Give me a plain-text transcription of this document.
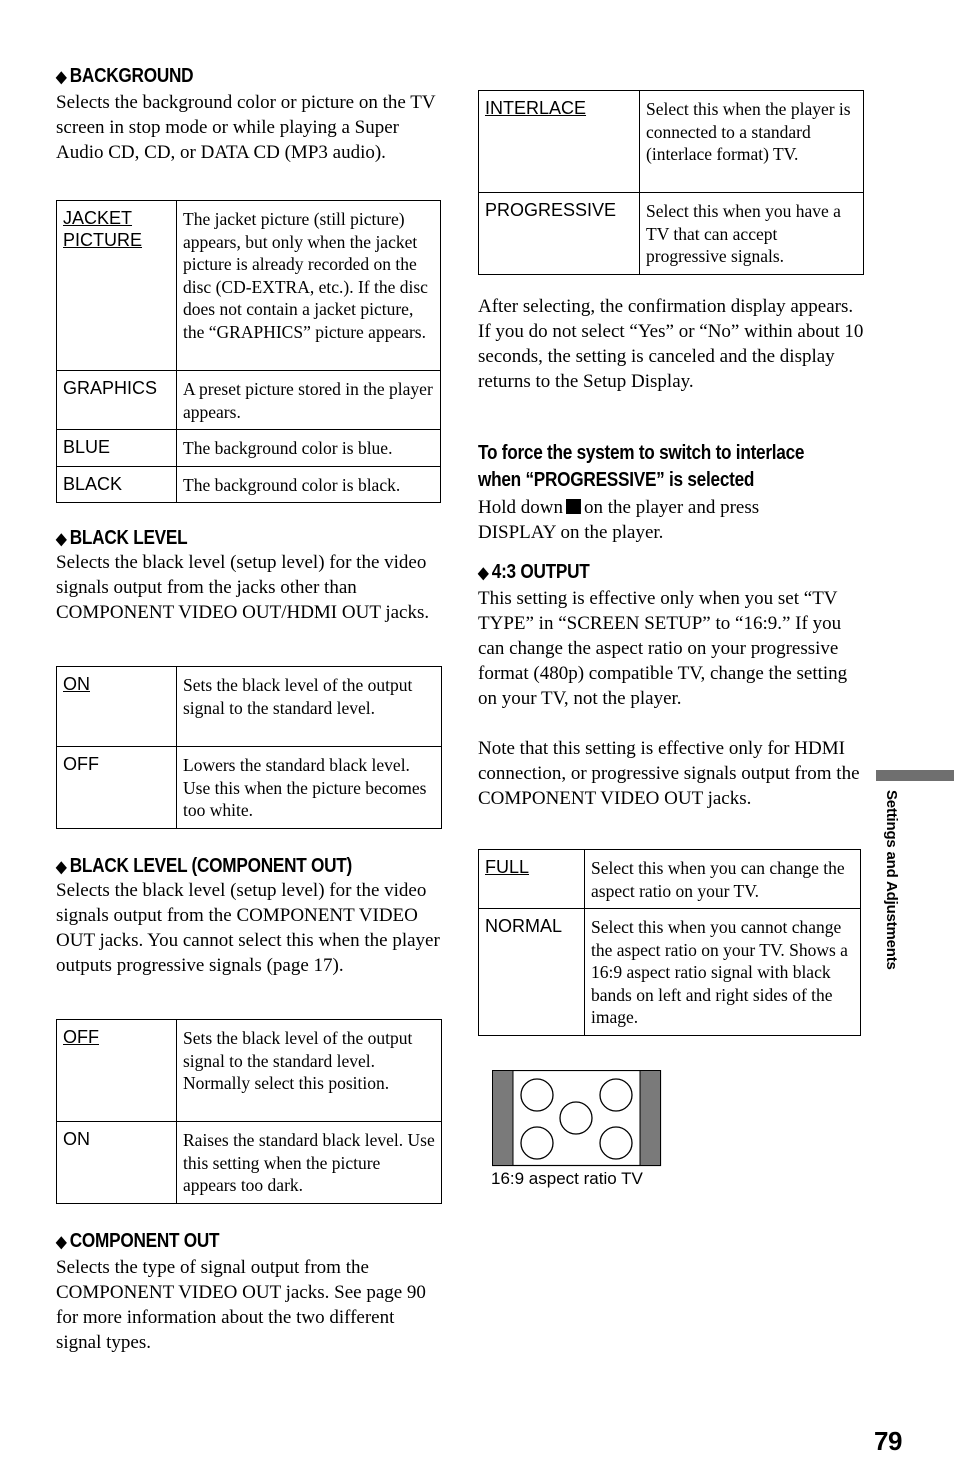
◆ BACKGROUND
Selects the background color or picture on the TV screen in stop mode or while playing a Super Audio CD, CD, or DATA CD (MP3 audio).
JACKET PICTURE	The jacket picture (still picture) appears, but only when the jacket picture is already recorded on the disc (CD-EXTRA, etc.). If the disc does not contain a jacket picture, the “GRAPHICS” picture appears.
GRAPHICS	A preset picture stored in the player appears.
BLUE	The background color is blue.
BLACK	The background color is black.
◆ BLACK LEVEL
Selects the black level (setup level) for the video signals output from the jacks other than COMPONENT VIDEO OUT/HDMI OUT jacks.
ON	Sets the black level of the output signal to the standard level.
OFF	Lowers the standard black level. Use this when the picture becomes too white.
◆ BLACK LEVEL (COMPONENT OUT)
Selects the black level (setup level) for the video signals output from the COMPONENT VIDEO OUT jacks. You cannot select this when the player outputs progressive signals (page 17).
OFF	Sets the black level of the output signal to the standard level. Normally select this position.
ON	Raises the standard black level. Use this setting when the picture appears too dark.
◆ COMPONENT OUT
Selects the type of signal output from the COMPONENT VIDEO OUT jacks. See page 90 for more information about the two different signal types.
INTERLACE	Select this when the player is connected to a standard (interlace format) TV.
PROGRESSIVE	Select this when you have a TV that can accept progressive signals.
After selecting, the confirmation display appears. If you do not select “Yes” or “No” within about 10 seconds, the setting is canceled and the display returns to the Setup Display.
To force the system to switch to interlace
when “PROGRESSIVE” is selected
Hold down on the player and press
DISPLAY on the player.
◆ 4:3 OUTPUT
This setting is effective only when you set “TV TYPE” in “SCREEN SETUP” to “16:9.” If you can change the aspect ratio on your progressive format (480p) compatible TV, change the setting on your TV, not the player.
Note that this setting is effective only for HDMI connection, or progressive signals output from the COMPONENT VIDEO OUT jacks.
FULL	Select this when you can change the aspect ratio on your TV.
NORMAL	Select this when you cannot change the aspect ratio on your TV. Shows a 16:9 aspect ratio signal with black bands on left and right sides of the image.
16:9 aspect ratio TV
Settings and Adjustments
79
